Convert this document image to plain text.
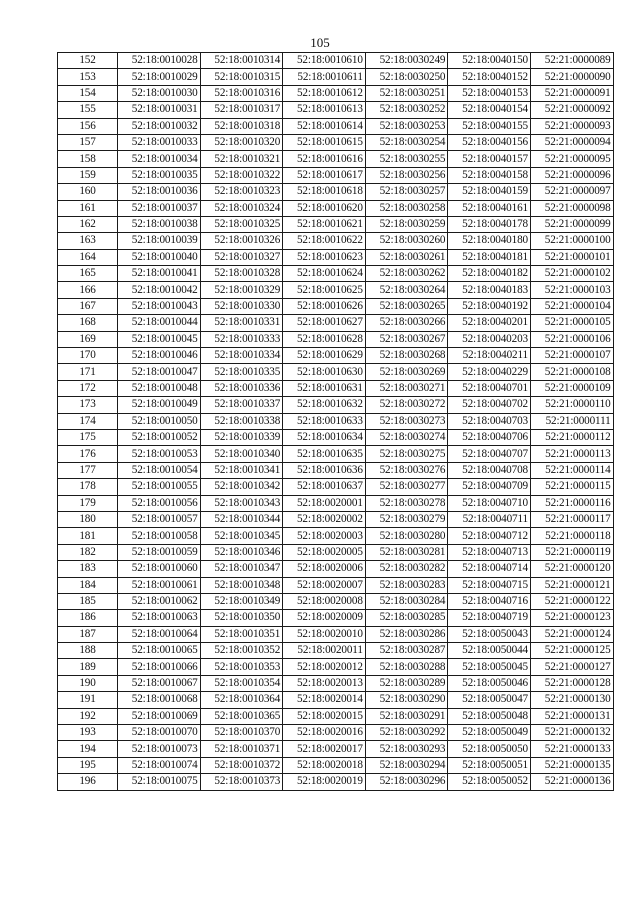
105
152	52:18:0010028	52:18:0010314	52:18:0010610	52:18:0030249	52:18:0040150	52:21:0000089
153	52:18:0010029	52:18:0010315	52:18:0010611	52:18:0030250	52:18:0040152	52:21:0000090
154	52:18:0010030	52:18:0010316	52:18:0010612	52:18:0030251	52:18:0040153	52:21:0000091
155	52:18:0010031	52:18:0010317	52:18:0010613	52:18:0030252	52:18:0040154	52:21:0000092
156	52:18:0010032	52:18:0010318	52:18:0010614	52:18:0030253	52:18:0040155	52:21:0000093
157	52:18:0010033	52:18:0010320	52:18:0010615	52:18:0030254	52:18:0040156	52:21:0000094
158	52:18:0010034	52:18:0010321	52:18:0010616	52:18:0030255	52:18:0040157	52:21:0000095
159	52:18:0010035	52:18:0010322	52:18:0010617	52:18:0030256	52:18:0040158	52:21:0000096
160	52:18:0010036	52:18:0010323	52:18:0010618	52:18:0030257	52:18:0040159	52:21:0000097
161	52:18:0010037	52:18:0010324	52:18:0010620	52:18:0030258	52:18:0040161	52:21:0000098
162	52:18:0010038	52:18:0010325	52:18:0010621	52:18:0030259	52:18:0040178	52:21:0000099
163	52:18:0010039	52:18:0010326	52:18:0010622	52:18:0030260	52:18:0040180	52:21:0000100
164	52:18:0010040	52:18:0010327	52:18:0010623	52:18:0030261	52:18:0040181	52:21:0000101
165	52:18:0010041	52:18:0010328	52:18:0010624	52:18:0030262	52:18:0040182	52:21:0000102
166	52:18:0010042	52:18:0010329	52:18:0010625	52:18:0030264	52:18:0040183	52:21:0000103
167	52:18:0010043	52:18:0010330	52:18:0010626	52:18:0030265	52:18:0040192	52:21:0000104
168	52:18:0010044	52:18:0010331	52:18:0010627	52:18:0030266	52:18:0040201	52:21:0000105
169	52:18:0010045	52:18:0010333	52:18:0010628	52:18:0030267	52:18:0040203	52:21:0000106
170	52:18:0010046	52:18:0010334	52:18:0010629	52:18:0030268	52:18:0040211	52:21:0000107
171	52:18:0010047	52:18:0010335	52:18:0010630	52:18:0030269	52:18:0040229	52:21:0000108
172	52:18:0010048	52:18:0010336	52:18:0010631	52:18:0030271	52:18:0040701	52:21:0000109
173	52:18:0010049	52:18:0010337	52:18:0010632	52:18:0030272	52:18:0040702	52:21:0000110
174	52:18:0010050	52:18:0010338	52:18:0010633	52:18:0030273	52:18:0040703	52:21:0000111
175	52:18:0010052	52:18:0010339	52:18:0010634	52:18:0030274	52:18:0040706	52:21:0000112
176	52:18:0010053	52:18:0010340	52:18:0010635	52:18:0030275	52:18:0040707	52:21:0000113
177	52:18:0010054	52:18:0010341	52:18:0010636	52:18:0030276	52:18:0040708	52:21:0000114
178	52:18:0010055	52:18:0010342	52:18:0010637	52:18:0030277	52:18:0040709	52:21:0000115
179	52:18:0010056	52:18:0010343	52:18:0020001	52:18:0030278	52:18:0040710	52:21:0000116
180	52:18:0010057	52:18:0010344	52:18:0020002	52:18:0030279	52:18:0040711	52:21:0000117
181	52:18:0010058	52:18:0010345	52:18:0020003	52:18:0030280	52:18:0040712	52:21:0000118
182	52:18:0010059	52:18:0010346	52:18:0020005	52:18:0030281	52:18:0040713	52:21:0000119
183	52:18:0010060	52:18:0010347	52:18:0020006	52:18:0030282	52:18:0040714	52:21:0000120
184	52:18:0010061	52:18:0010348	52:18:0020007	52:18:0030283	52:18:0040715	52:21:0000121
185	52:18:0010062	52:18:0010349	52:18:0020008	52:18:0030284	52:18:0040716	52:21:0000122
186	52:18:0010063	52:18:0010350	52:18:0020009	52:18:0030285	52:18:0040719	52:21:0000123
187	52:18:0010064	52:18:0010351	52:18:0020010	52:18:0030286	52:18:0050043	52:21:0000124
188	52:18:0010065	52:18:0010352	52:18:0020011	52:18:0030287	52:18:0050044	52:21:0000125
189	52:18:0010066	52:18:0010353	52:18:0020012	52:18:0030288	52:18:0050045	52:21:0000127
190	52:18:0010067	52:18:0010354	52:18:0020013	52:18:0030289	52:18:0050046	52:21:0000128
191	52:18:0010068	52:18:0010364	52:18:0020014	52:18:0030290	52:18:0050047	52:21:0000130
192	52:18:0010069	52:18:0010365	52:18:0020015	52:18:0030291	52:18:0050048	52:21:0000131
193	52:18:0010070	52:18:0010370	52:18:0020016	52:18:0030292	52:18:0050049	52:21:0000132
194	52:18:0010073	52:18:0010371	52:18:0020017	52:18:0030293	52:18:0050050	52:21:0000133
195	52:18:0010074	52:18:0010372	52:18:0020018	52:18:0030294	52:18:0050051	52:21:0000135
196	52:18:0010075	52:18:0010373	52:18:0020019	52:18:0030296	52:18:0050052	52:21:0000136
